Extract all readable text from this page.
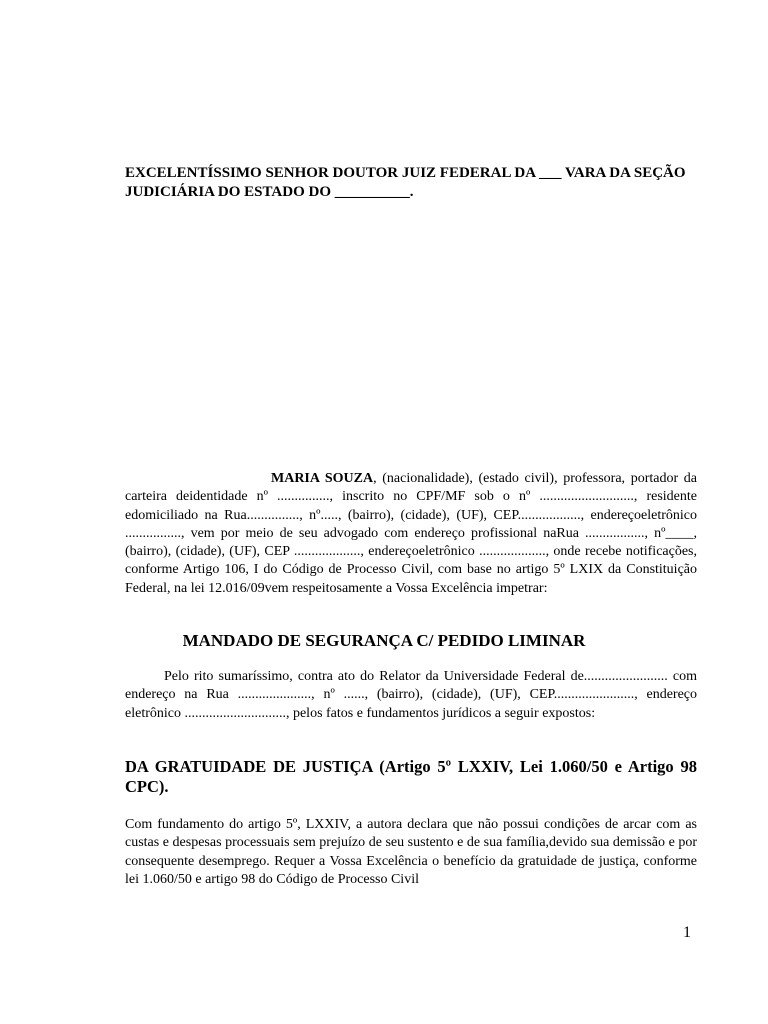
EXCELENTÍSSIMO SENHOR DOUTOR JUIZ FEDERAL DA ___ VARA DA SEÇÃO
JUDICIÁRIA DO ESTADO DO __________.
MARIA SOUZA, (nacionalidade), (estado civil), professora, portador da carteira deidentidade nº ..............., inscrito no CPF/MF sob o nº ..........................., residente edomiciliado na Rua..............., nº....., (bairro), (cidade), (UF), CEP.................., endereçoeletrônico ................, vem por meio de seu advogado com endereço profissional naRua ................., nº____, (bairro), (cidade), (UF), CEP ..................., endereçoeletrônico ..................., onde recebe notificações, conforme Artigo 106, I do Código de Processo Civil, com base no artigo 5º LXIX da Constituição Federal, na lei 12.016/09vem respeitosamente a Vossa Excelência impetrar:
MANDADO DE SEGURANÇA C/ PEDIDO LIMINAR
Pelo rito sumaríssimo, contra ato do Relator da Universidade Federal de........................ com endereço na Rua ....................., nº ......, (bairro), (cidade), (UF), CEP......................., endereço eletrônico ............................., pelos fatos e fundamentos jurídicos a seguir expostos:
DA GRATUIDADE DE JUSTIÇA (Artigo 5º LXXIV, Lei 1.060/50 e Artigo 98 CPC).
Com fundamento do artigo 5º, LXXIV, a autora declara que não possui condições de arcar com as custas e despesas processuais sem prejuízo de seu sustento e de sua família,devido sua demissão e por consequente desemprego. Requer a Vossa Excelência o benefício da gratuidade de justiça, conforme lei 1.060/50 e artigo 98 do Código de Processo Civil
1
